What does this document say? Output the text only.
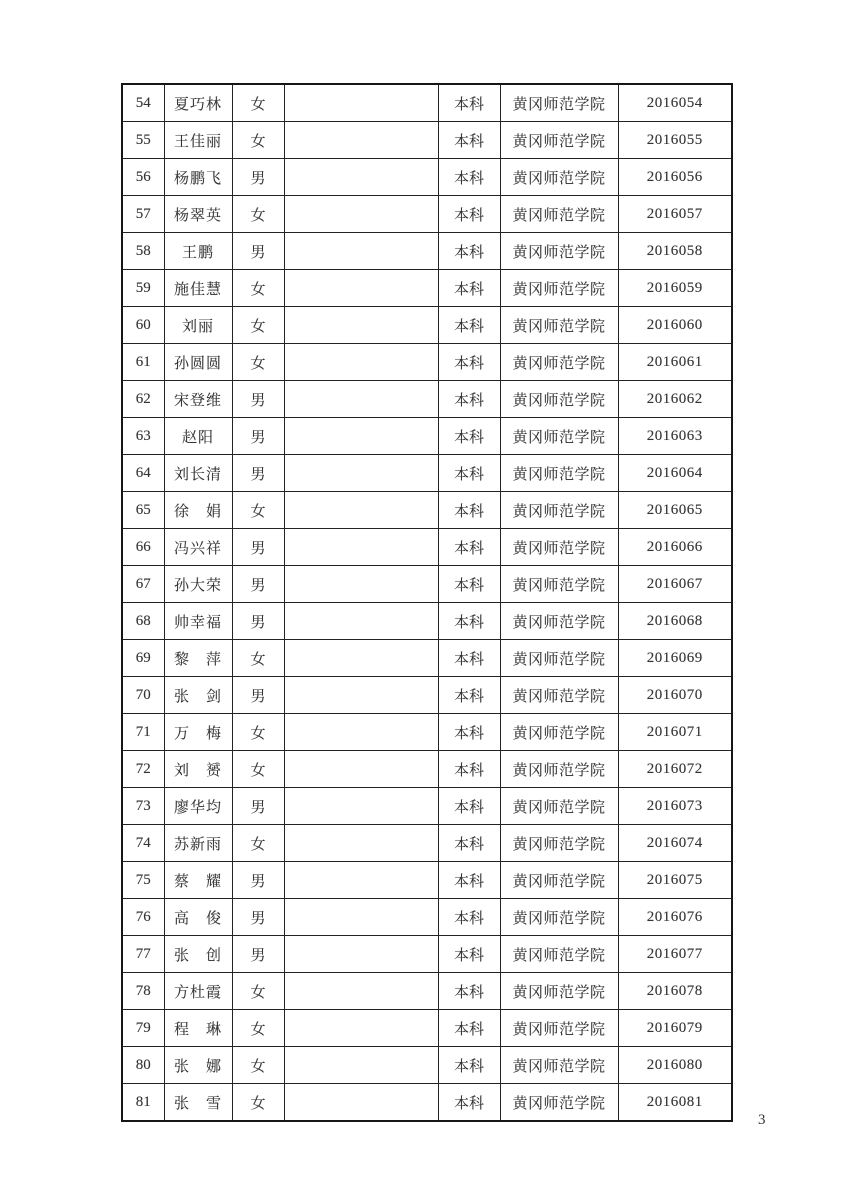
54	夏巧林	女		本科	黄冈师范学院	2016054
55	王佳丽	女		本科	黄冈师范学院	2016055
56	杨鹏飞	男		本科	黄冈师范学院	2016056
57	杨翠英	女		本科	黄冈师范学院	2016057
58	王鹏	男		本科	黄冈师范学院	2016058
59	施佳慧	女		本科	黄冈师范学院	2016059
60	刘丽	女		本科	黄冈师范学院	2016060
61	孙圆圆	女		本科	黄冈师范学院	2016061
62	宋登维	男		本科	黄冈师范学院	2016062
63	赵阳	男		本科	黄冈师范学院	2016063
64	刘长清	男		本科	黄冈师范学院	2016064
65	徐　娟	女		本科	黄冈师范学院	2016065
66	冯兴祥	男		本科	黄冈师范学院	2016066
67	孙大荣	男		本科	黄冈师范学院	2016067
68	帅幸福	男		本科	黄冈师范学院	2016068
69	黎　萍	女		本科	黄冈师范学院	2016069
70	张　剑	男		本科	黄冈师范学院	2016070
71	万　梅	女		本科	黄冈师范学院	2016071
72	刘　赟	女		本科	黄冈师范学院	2016072
73	廖华均	男		本科	黄冈师范学院	2016073
74	苏新雨	女		本科	黄冈师范学院	2016074
75	蔡　耀	男		本科	黄冈师范学院	2016075
76	高　俊	男		本科	黄冈师范学院	2016076
77	张　创	男		本科	黄冈师范学院	2016077
78	方杜霞	女		本科	黄冈师范学院	2016078
79	程　琳	女		本科	黄冈师范学院	2016079
80	张　娜	女		本科	黄冈师范学院	2016080
81	张　雪	女		本科	黄冈师范学院	2016081
3
